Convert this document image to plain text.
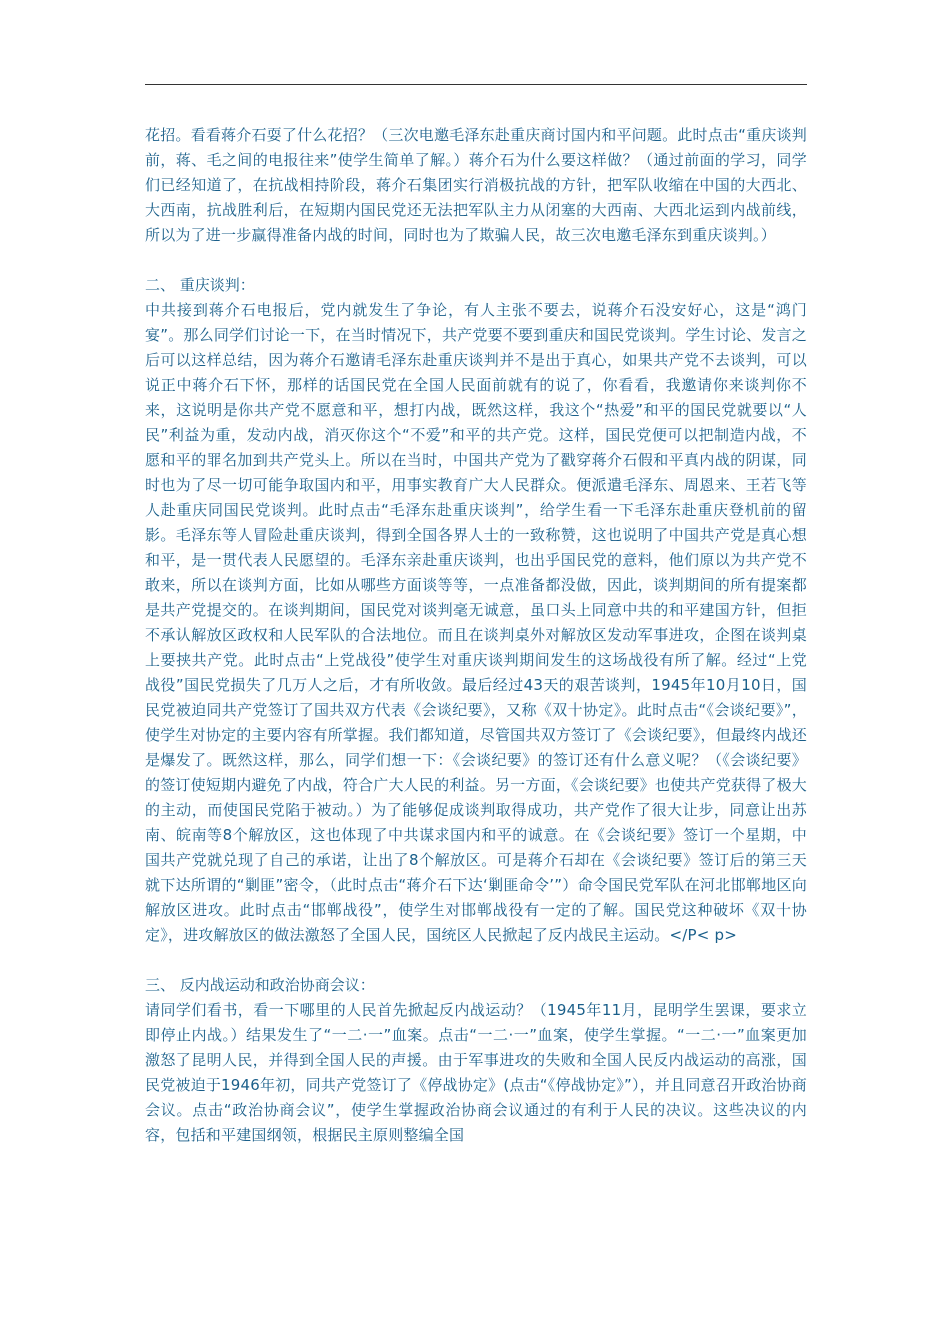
花招。看看蒋介石耍了什么花招？（三次电邀毛泽东赴重庆商讨国内和平问题。此时点击“重庆谈判前，蒋、毛之间的电报往来”使学生简单了解。）蒋介石为什么要这样做？（通过前面的学习，同学们已经知道了，在抗战相持阶段，蒋介石集团实行消极抗战的方针，把军队收缩在中国的大西北、大西南，抗战胜利后，在短期内国民党还无法把军队主力从闭塞的大西南、大西北运到内战前线，所以为了进一步赢得准备内战的时间，同时也为了欺骗人民，故三次电邀毛泽东到重庆谈判。）
二、 重庆谈判：
中共接到蒋介石电报后，党内就发生了争论，有人主张不要去，说蒋介石没安好心，这是“鸿门宴”。那么同学们讨论一下，在当时情况下，共产党要不要到重庆和国民党谈判。学生讨论、发言之后可以这样总结，因为蒋介石邀请毛泽东赴重庆谈判并不是出于真心，如果共产党不去谈判，可以说正中蒋介石下怀，那样的话国民党在全国人民面前就有的说了，你看看，我邀请你来谈判你不来，这说明是你共产党不愿意和平，想打内战，既然这样，我这个“热爱”和平的国民党就要以“人民”利益为重，发动内战，消灭你这个“不爱”和平的共产党。这样，国民党便可以把制造内战，不愿和平的罪名加到共产党头上。所以在当时，中国共产党为了戳穿蒋介石假和平真内战的阴谋，同时也为了尽一切可能争取国内和平，用事实教育广大人民群众。便派遣毛泽东、周恩来、王若飞等人赴重庆同国民党谈判。此时点击“毛泽东赴重庆谈判”，给学生看一下毛泽东赴重庆登机前的留影。毛泽东等人冒险赴重庆谈判，得到全国各界人士的一致称赞，这也说明了中国共产党是真心想和平，是一贯代表人民愿望的。毛泽东亲赴重庆谈判，也出乎国民党的意料，他们原以为共产党不敢来，所以在谈判方面，比如从哪些方面谈等等，一点准备都没做，因此，谈判期间的所有提案都是共产党提交的。在谈判期间，国民党对谈判毫无诚意，虽口头上同意中共的和平建国方针，但拒不承认解放区政权和人民军队的合法地位。而且在谈判桌外对解放区发动军事进攻，企图在谈判桌上要挟共产党。此时点击“上党战役”使学生对重庆谈判期间发生的这场战役有所了解。经过“上党战役”国民党损失了几万人之后，才有所收敛。最后经过43天的艰苦谈判，1945年10月10日，国民党被迫同共产党签订了国共双方代表《会谈纪要》，又称《双十协定》。此时点击“《会谈纪要》”，使学生对协定的主要内容有所掌握。我们都知道，尽管国共双方签订了《会谈纪要》，但最终内战还是爆发了。既然这样，那么，同学们想一下：《会谈纪要》的签订还有什么意义呢？（《会谈纪要》的签订使短期内避免了内战，符合广大人民的利益。另一方面，《会谈纪要》也使共产党获得了极大的主动，而使国民党陷于被动。）为了能够促成谈判取得成功，共产党作了很大让步，同意让出苏南、皖南等8个解放区，这也体现了中共谋求国内和平的诚意。在《会谈纪要》签订一个星期，中国共产党就兑现了自己的承诺，让出了8个解放区。可是蒋介石却在《会谈纪要》签订后的第三天就下达所谓的“剿匪”密令，（此时点击“蒋介石下达‘剿匪命令’”）命令国民党军队在河北邯郸地区向解放区进攻。此时点击“邯郸战役”，使学生对邯郸战役有一定的了解。国民党这种破坏《双十协定》，进攻解放区的做法激怒了全国人民，国统区人民掀起了反内战民主运动。</P< p>
三、 反内战运动和政治协商会议：
请同学们看书，看一下哪里的人民首先掀起反内战运动？（1945年11月，昆明学生罢课，要求立即停止内战。）结果发生了“一二·一”血案。点击“一二·一”血案，使学生掌握。“一二·一”血案更加激怒了昆明人民，并得到全国人民的声援。由于军事进攻的失败和全国人民反内战运动的高涨，国民党被迫于1946年初，同共产党签订了《停战协定》(点击“《停战协定》”），并且同意召开政治协商会议。点击“政治协商会议”，使学生掌握政治协商会议通过的有利于人民的决议。这些决议的内容，包括和平建国纲领，根据民主原则整编全国
